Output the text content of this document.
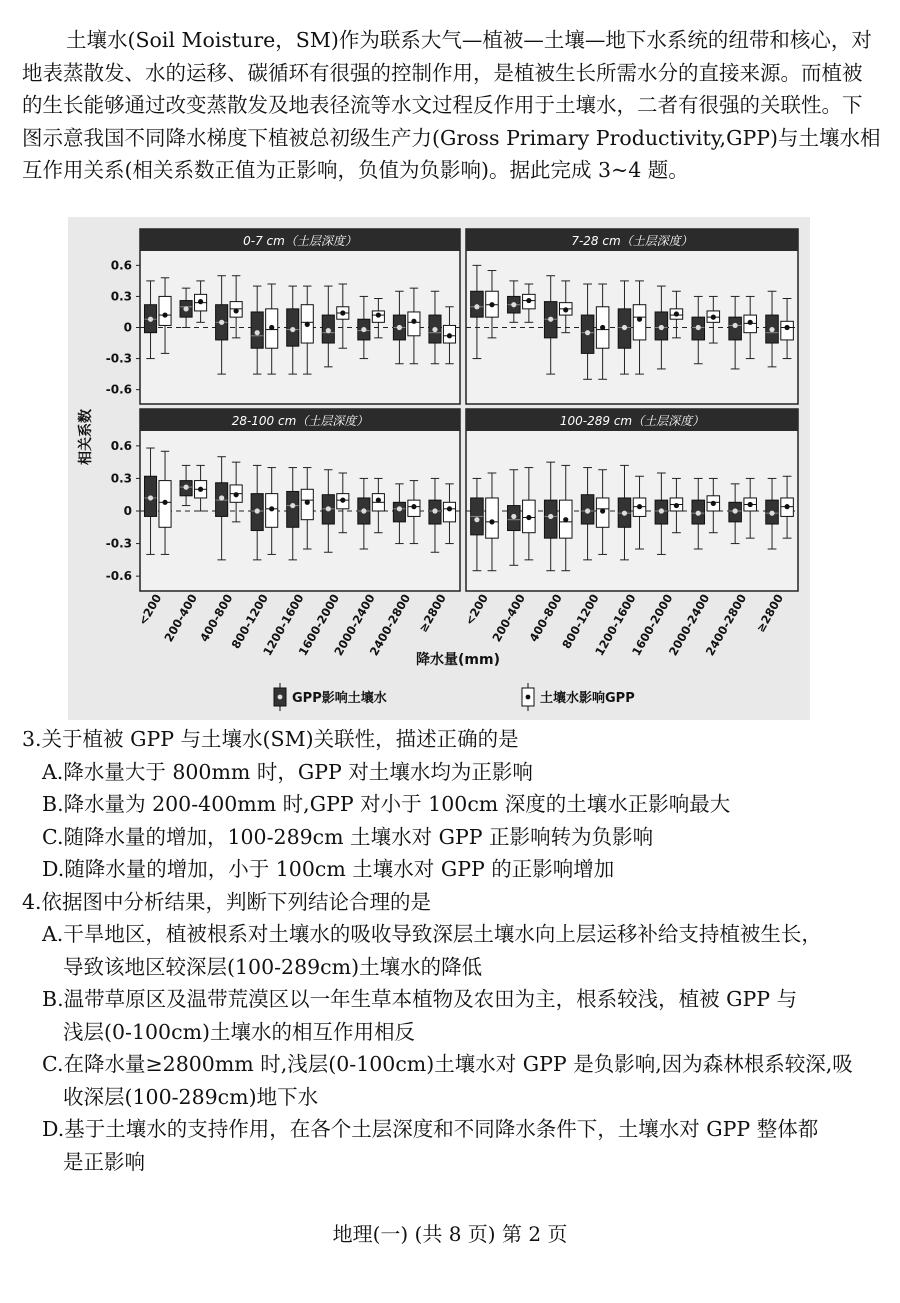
土壤水(Soil Moisture，SM)作为联系大气—植被—土壤—地下水系统的纽带和核心，对地表蒸散发、水的运移、碳循环有很强的控制作用，是植被生长所需水分的直接来源。而植被的生长能够通过改变蒸散发及地表径流等水文过程反作用于土壤水，二者有很强的关联性。下图示意我国不同降水梯度下植被总初级生产力(Gross Primary Productivity,GPP)与土壤水相互作用关系(相关系数正值为正影响，负值为负影响)。据此完成 3~4 题。

0-7 cm（土层深度）
0.6
0.3
0
-0.3
-0.6
7-28 cm（土层深度）
28-100 cm（土层深度）
0.6
0.3
0
-0.3
-0.6
100-289 cm（土层深度）
<200
200-400
400-800
800-1200
1200-1600
1600-2000
2000-2400
2400-2800 ≥2800 <200
200-400
400-800
800-1200
1200-1600
1600-2000
2000-2400
2400-2800 ≥2800
相关系数
降水量(mm)
GPP影响土壤水	土壤水影响GPP

3.关于植被 GPP 与土壤水(SM)关联性，描述正确的是

A.降水量大于 800mm 时，GPP 对土壤水均为正影响

B.降水量为 200-400mm 时,GPP 对小于 100cm 深度的土壤水正影响最大

C.随降水量的增加，100-289cm 土壤水对 GPP 正影响转为负影响

D.随降水量的增加，小于 100cm 土壤水对 GPP 的正影响增加

4.依据图中分析结果，判断下列结论合理的是

A.干旱地区，植被根系对土壤水的吸收导致深层土壤水向上层运移补给支持植被生长，
导致该地区较深层(100-289cm)土壤水的降低

B.温带草原区及温带荒漠区以一年生草本植物及农田为主，根系较浅，植被 GPP 与
浅层(0-100cm)土壤水的相互作用相反

C.在降水量≥2800mm 时,浅层(0-100cm)土壤水对 GPP 是负影响,因为森林根系较深,吸
收深层(100-289cm)地下水

D.基于土壤水的支持作用，在各个土层深度和不同降水条件下，土壤水对 GPP 整体都
是正影响

地理(一) (共 8 页) 第 2 页
